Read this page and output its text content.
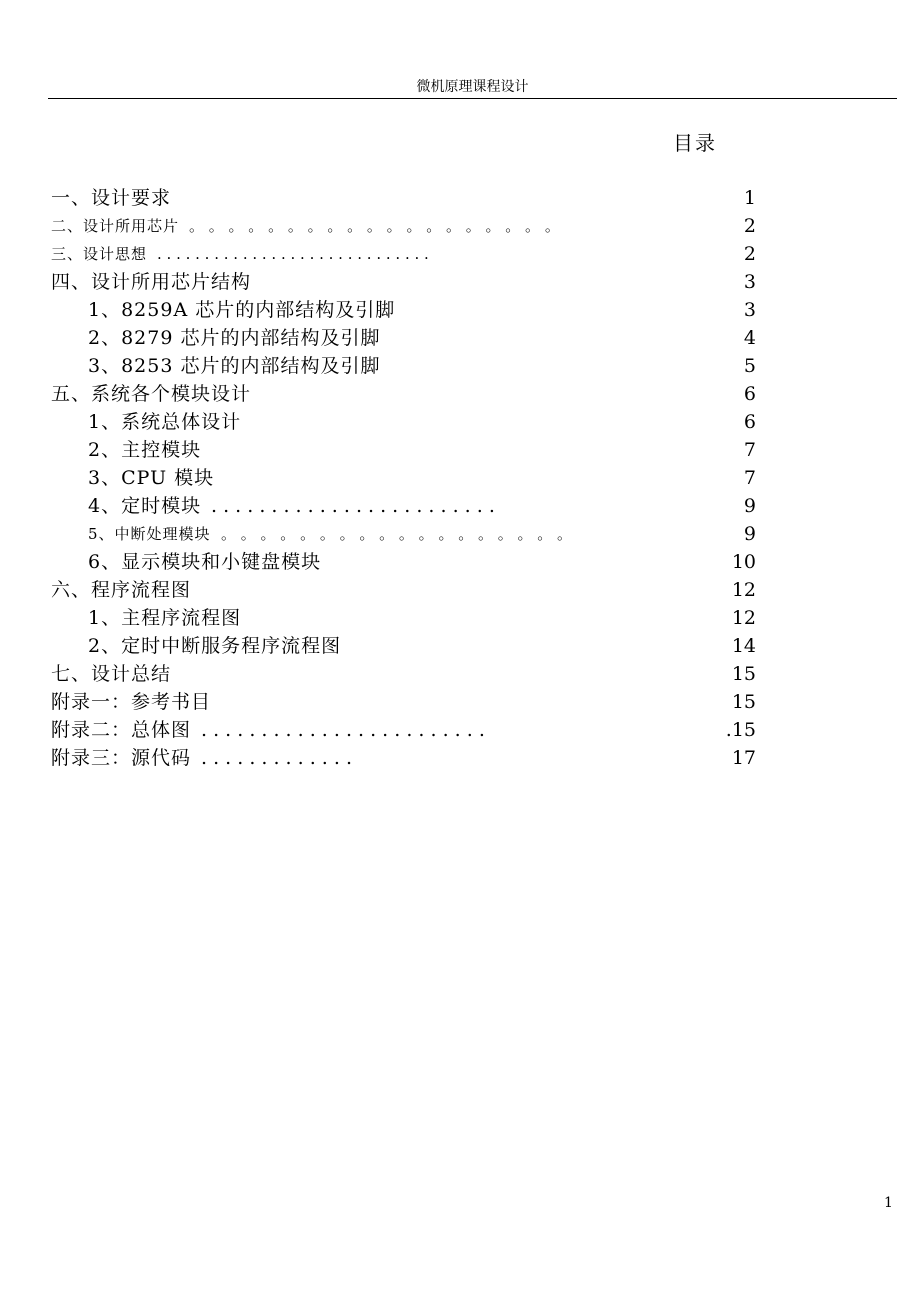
微机原理课程设计
目录
一、设计要求	1
二、设计所用芯片 。 。 。 。 。 。 。 。 。 。 。 。 。 。 。 。 。 。 。	2
三、设计思想 . . . . . . . . . . . . . . . . . . . . . . . . . . . . .	2
四、设计所用芯片结构	3
1、8259A 芯片的内部结构及引脚	3
2、8279 芯片的内部结构及引脚	4
3、8253 芯片的内部结构及引脚	5
五、系统各个模块设计	6
1、系统总体设计	6
2、主控模块	7
3、CPU 模块	7
4、定时模块 . . . . . . . . . . . . . . . . . . . . . . . .	9
5、中断处理模块 。 。 。 。 。 。 。 。 。 。 。 。 。 。 。 。 。 。	9
6、显示模块和小键盘模块	10
六、程序流程图	12
1、主程序流程图	12
2、定时中断服务程序流程图	14
七、设计总结	15
附录一：参考书目	15
附录二：总体图 . . . . . . . . . . . . . . . . . . . . . . . .	.15
附录三：源代码 . . . . . . . . . . . . .	17
1
